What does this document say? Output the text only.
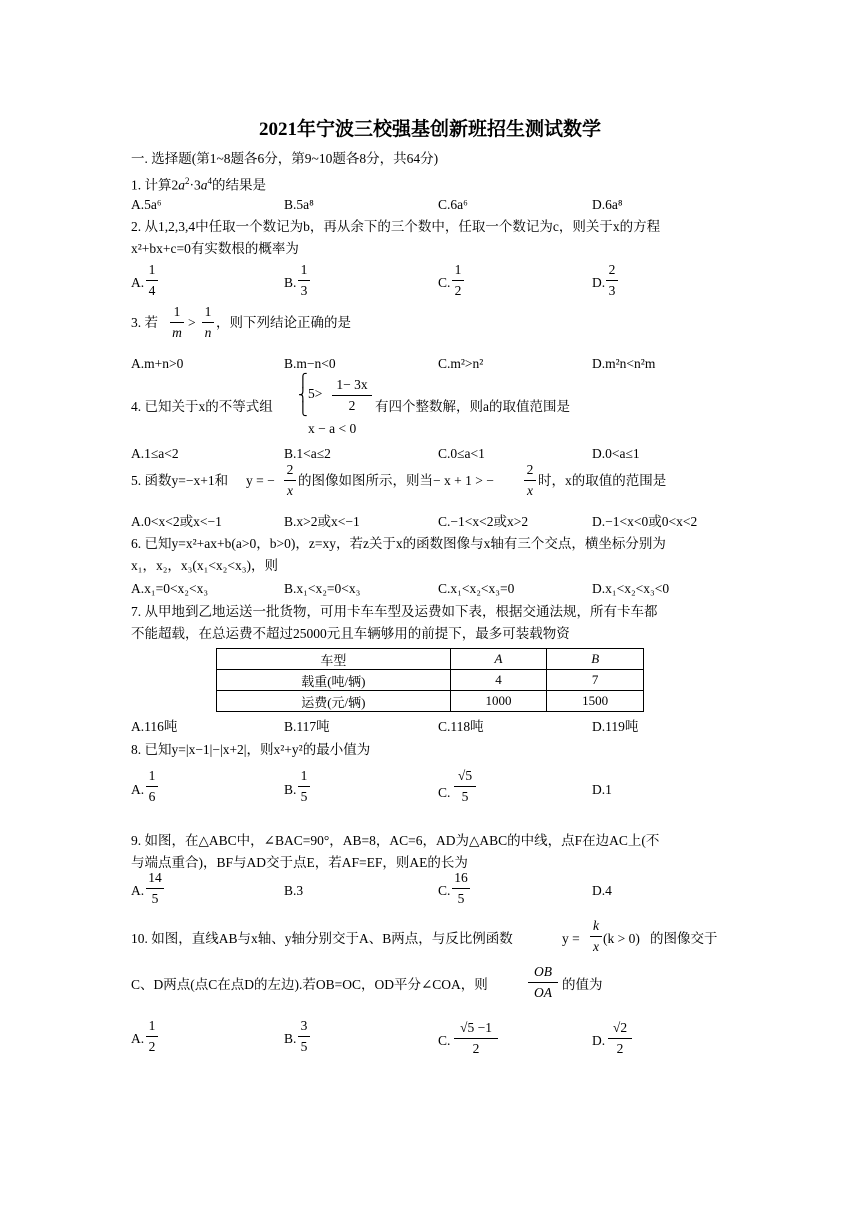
2021年宁波三校强基创新班招生测试数学
一. 选择题(第1~8题各6分，第9~10题各8分，共64分)
1. 计算$2a^2\cdot 3a^4$的结果是
A.5a⁶	B.5a⁸	C.6a⁶	D.6a⁸
2. 从1,2,3,4中任取一个数记为b，再从余下的三个数中，任取一个数记为c，则关于x的方程
x²+bx+c=0有实数根的概率为
A.
1
4
B.
1
3
C.
1
2
D.
2
3
3. 若
1
m
>
1
n
，则下列结论正确的是
A.m+n>0	B.m−n<0	C.m²>n²	D.m²n<n²m
4. 已知关于x的不等式组
⎧
⎨
⎩
5>
1− 3x
2
x − a < 0
有四个整数解，则a的取值范围是
A.1≤a<2	B.1<a≤2	C.0≤a<1	D.0<a≤1
5. 函数y=−x+1和 y = −
2
x
的图像如图所示，则当− x + 1 > −
2
x
时，x的取值的范围是
A.0<x<2或x<−1	B.x>2或x<−1	C.−1<x<2或x>2	D.−1<x<0或0<x<2
6. 已知y=x²+ax+b(a>0，b>0)，z=xy，若z关于x的函数图像与x轴有三个交点，横坐标分别为
x₁，x₂，x₃(x₁<x₂<x₃)，则
A.x₁=0<x₂<x₃	B.x₁<x₂=0<x₃	C.x₁<x₂<x₃=0	D.x₁<x₂<x₃<0
7. 从甲地到乙地运送一批货物，可用卡车车型及运费如下表，根据交通法规，所有卡车都
不能超载，在总运费不超过25000元且车辆够用的前提下，最多可装载物资
车型	A	B
载重(吨/辆)	4	7
运费(元/辆)	1000	1500
A.116吨	B.117吨	C.118吨	D.119吨
8. 已知y=|x−1|−|x+2|，则x²+y²的最小值为
A.
1
6	B.
1
5	C.
√5
5	D.1
9. 如图，在△ABC中，∠BAC=90°，AB=8，AC=6，AD为△ABC的中线，点F在边AC上(不
与端点重合)，BF与AD交于点E，若AF=EF，则AE的长为
A.
14
5
B.3	C.
16
5
D.4
10. 如图，直线AB与x轴、y轴分别交于A、B两点，与反比例函数	y =
k
x
(k > 0) 的图像交于
C、D两点(点C在点D的左边).若OB=OC，OD平分∠COA，则
OB
OA
的值为
A.
1
2
B.
3
5	C.
√5 −1
2
D.
√2
2
